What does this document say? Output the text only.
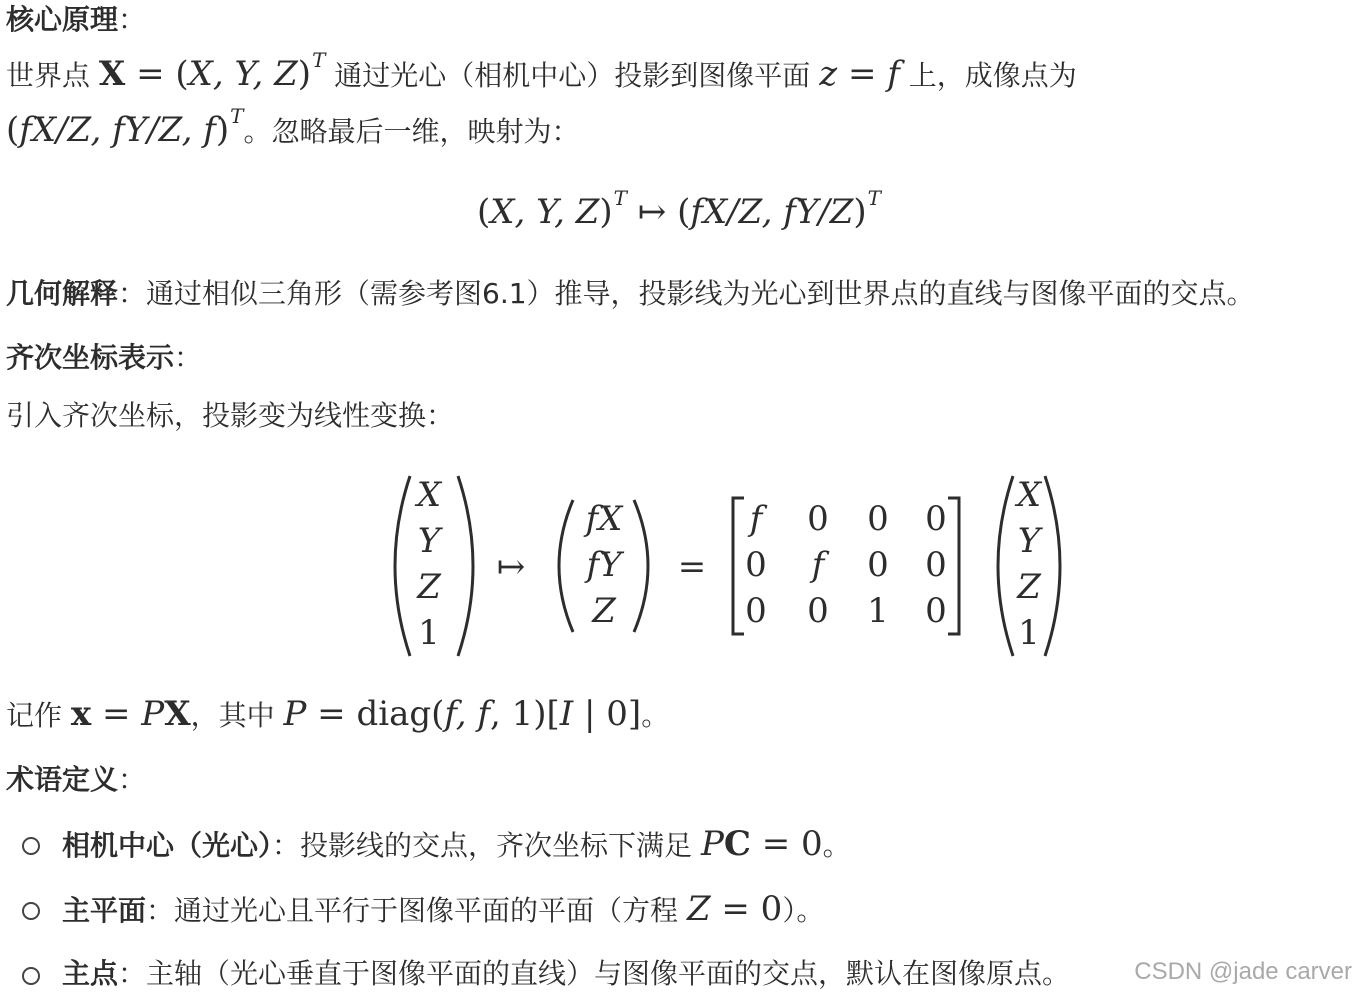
核心原理：
世界点 X = (X, Y, Z)$^T$ 通过光心（相机中心）投影到图像平面 z = f 上，成像点为
(fX/Z, fY/Z, f)$^T$。忽略最后一维，映射为：
(X, Y, Z)$^T$ ↦ (fX/Z, fY/Z)$^T$
几何解释：通过相似三角形（需参考图6.1）推导，投影线为光心到世界点的直线与图像平面的交点。
齐次坐标表示：
引入齐次坐标，投影变为线性变换：
X
Y
Z
1
↦
fX
fY
Z
=
f 0 0 0
0 f 0 0
0 0 1 0
X
Y
Z
1
记作 x = PX，其中 P = diag(f, f, 1)[I | 0]。
术语定义：
相机中心（光心）：投影线的交点，齐次坐标下满足 PC = 0。
主平面：通过光心且平行于图像平面的平面（方程 Z = 0）。
主点：主轴（光心垂直于图像平面的直线）与图像平面的交点，默认在图像原点。	CSDN @jade carver
